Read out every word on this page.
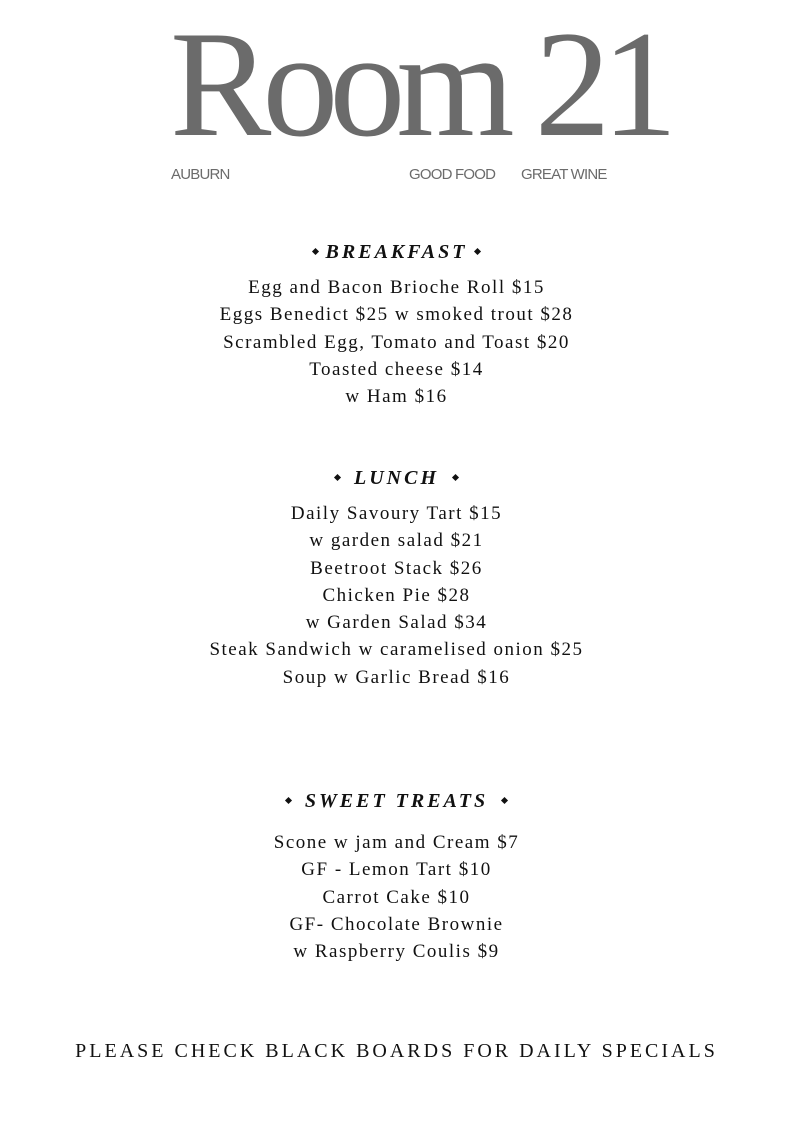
Room 21
AUBURN	GOOD FOOD GREAT WINE
BREAKFAST
Egg and Bacon Brioche Roll $15
Eggs Benedict $25 w smoked trout $28
Scrambled Egg, Tomato and Toast $20
Toasted cheese $14
w Ham $16
LUNCH
Daily Savoury Tart $15
w garden salad $21
Beetroot Stack $26
Chicken Pie $28
w Garden Salad $34
Steak Sandwich w caramelised onion $25
Soup w Garlic Bread $16
SWEET TREATS
Scone w jam and Cream $7
GF - Lemon Tart $10
Carrot Cake $10
GF- Chocolate Brownie
w Raspberry Coulis $9
PLEASE CHECK BLACK BOARDS FOR DAILY SPECIALS
